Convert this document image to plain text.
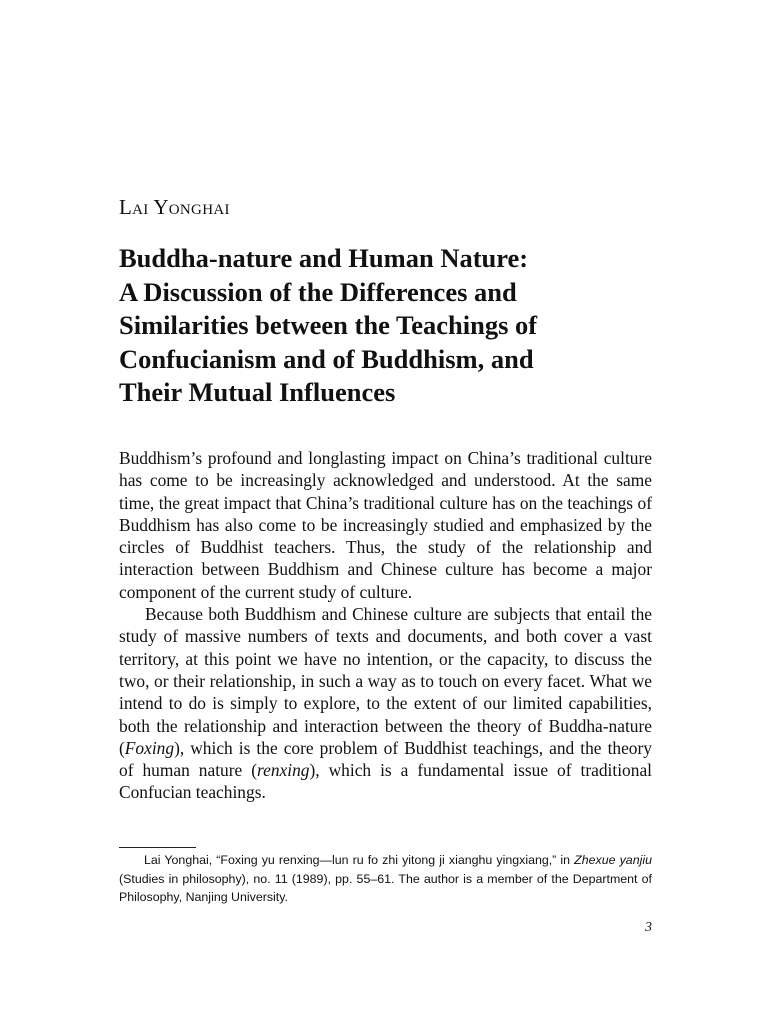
Lai Yonghai
Buddha-nature and Human Nature:
A Discussion of the Differences and
Similarities between the Teachings of
Confucianism and of Buddhism, and
Their Mutual Influences

Buddhism’s profound and longlasting impact on China’s traditional culture has come to be increasingly acknowledged and understood. At the same time, the great impact that China’s traditional culture has on the teachings of Buddhism has also come to be increasingly studied and emphasized by the circles of Buddhist teachers. Thus, the study of the relationship and interaction between Buddhism and Chinese culture has become a major component of the current study of culture.

Because both Buddhism and Chinese culture are subjects that entail the study of massive numbers of texts and documents, and both cover a vast territory, at this point we have no intention, or the capacity, to discuss the two, or their relationship, in such a way as to touch on every facet. What we intend to do is simply to explore, to the extent of our limited capabilities, both the relationship and interaction between the theory of Buddha-nature (Foxing), which is the core problem of Buddhist teachings, and the theory of human nature (renxing), which is a fundamental issue of traditional Confucian teachings.

Lai Yonghai, “Foxing yu renxing—lun ru fo zhi yitong ji xianghu yingxiang,” in Zhexue yanjiu (Studies in philosophy), no. 11 (1989), pp. 55–61. The author is a member of the Department of Philosophy, Nanjing University.
3
